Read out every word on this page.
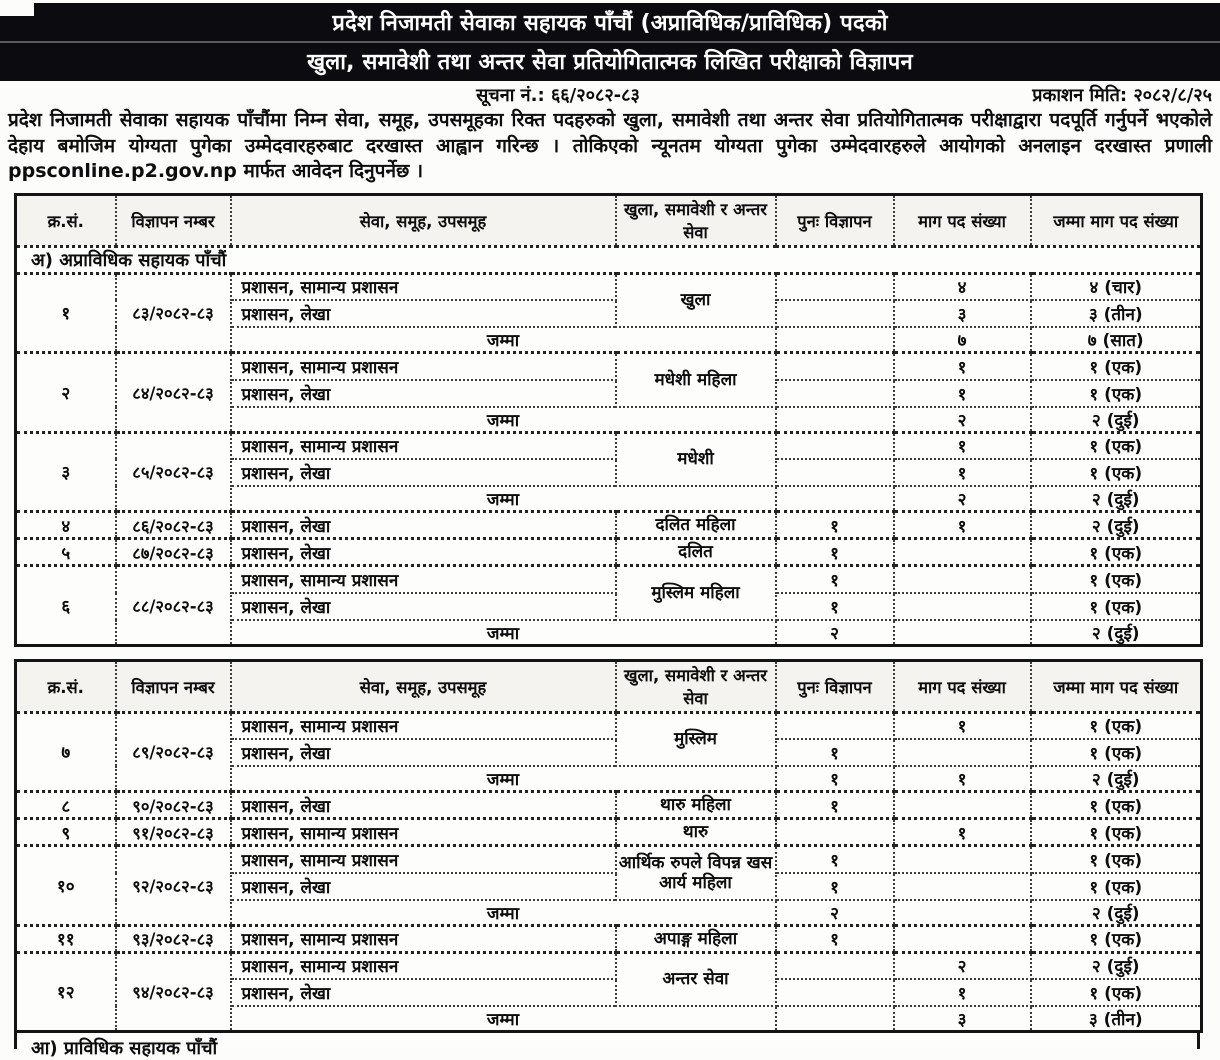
प्रदेश निजामती सेवाका सहायक पाँचौं (अप्राविधिक/प्राविधिक) पदको
खुला, समावेशी तथा अन्तर सेवा प्रतियोगितात्मक लिखित परीक्षाको विज्ञापन
सूचना नं.: ६६/२०८२-८३	प्रकाशन मिति: २०८२/८/२५
प्रदेश निजामती सेवाका सहायक पाँचौंमा निम्न सेवा, समूह, उपसमूहका रिक्त पदहरुको खुला, समावेशी तथा अन्तर सेवा प्रतियोगितात्मक परीक्षाद्वारा पदपूर्ति गर्नुपर्ने भएकोले देहाय बमोजिम योग्यता पुगेका उम्मेदवारहरुबाट दरखास्त आह्वान गरिन्छ । तोकिएको न्यूनतम योग्यता पुगेका उम्मेदवारहरुले आयोगको अनलाइन दरखास्त प्रणाली ppsconline.p2.gov.np मार्फत आवेदन दिनुपर्नेछ ।
क्र.सं.	विज्ञापन नम्बर	सेवा, समूह, उपसमूह	खुला, समावेशी र अन्तर सेवा	पुनः विज्ञापन	माग पद संख्या	जम्मा माग पद संख्या
अ) अप्राविधिक सहायक पाँचौं						
१	८३/२०८२-८३	प्रशासन, सामान्य प्रशासन	खुला		४	४ (चार)
		प्रशासन, लेखा			३	३ (तीन)
		जम्मा			७	७ (सात)
२	८४/२०८२-८३	प्रशासन, सामान्य प्रशासन	मधेशी महिला		१	१ (एक)
		प्रशासन, लेखा			१	१ (एक)
		जम्मा			२	२ (दुई)
३	८५/२०८२-८३	प्रशासन, सामान्य प्रशासन	मधेशी		१	१ (एक)
		प्रशासन, लेखा			१	१ (एक)
		जम्मा			२	२ (दुई)
४	८६/२०८२-८३	प्रशासन, लेखा	दलित महिला	१	१	२ (दुई)
५	८७/२०८२-८३	प्रशासन, लेखा	दलित	१		१ (एक)
६	८८/२०८२-८३	प्रशासन, सामान्य प्रशासन	मुस्लिम महिला	१		१ (एक)
		प्रशासन, लेखा		१		१ (एक)
		जम्मा		२		२ (दुई)
क्र.सं.	विज्ञापन नम्बर	सेवा, समूह, उपसमूह	खुला, समावेशी र अन्तर सेवा	पुनः विज्ञापन	माग पद संख्या	जम्मा माग पद संख्या
७	८९/२०८२-८३	प्रशासन, सामान्य प्रशासन	मुस्लिम		१	१ (एक)
		प्रशासन, लेखा		१		१ (एक)
		जम्मा		१	१	२ (दुई)
८	९०/२०८२-८३	प्रशासन, लेखा	थारु महिला	१		१ (एक)
९	९१/२०८२-८३	प्रशासन, सामान्य प्रशासन	थारु		१	१ (एक)
१०	९२/२०८२-८३	प्रशासन, सामान्य प्रशासन	आर्थिक रुपले विपन्न खस आर्य महिला	१		१ (एक)
		प्रशासन, लेखा		१		१ (एक)
		जम्मा		२		२ (दुई)
११	९३/२०८२-८३	प्रशासन, सामान्य प्रशासन	अपाङ्ग महिला	१		१ (एक)
१२	९४/२०८२-८३	प्रशासन, सामान्य प्रशासन	अन्तर सेवा		२	२ (दुई)
		प्रशासन, लेखा			१	१ (एक)
		जम्मा			३	३ (तीन)
आ) प्राविधिक सहायक पाँचौं
